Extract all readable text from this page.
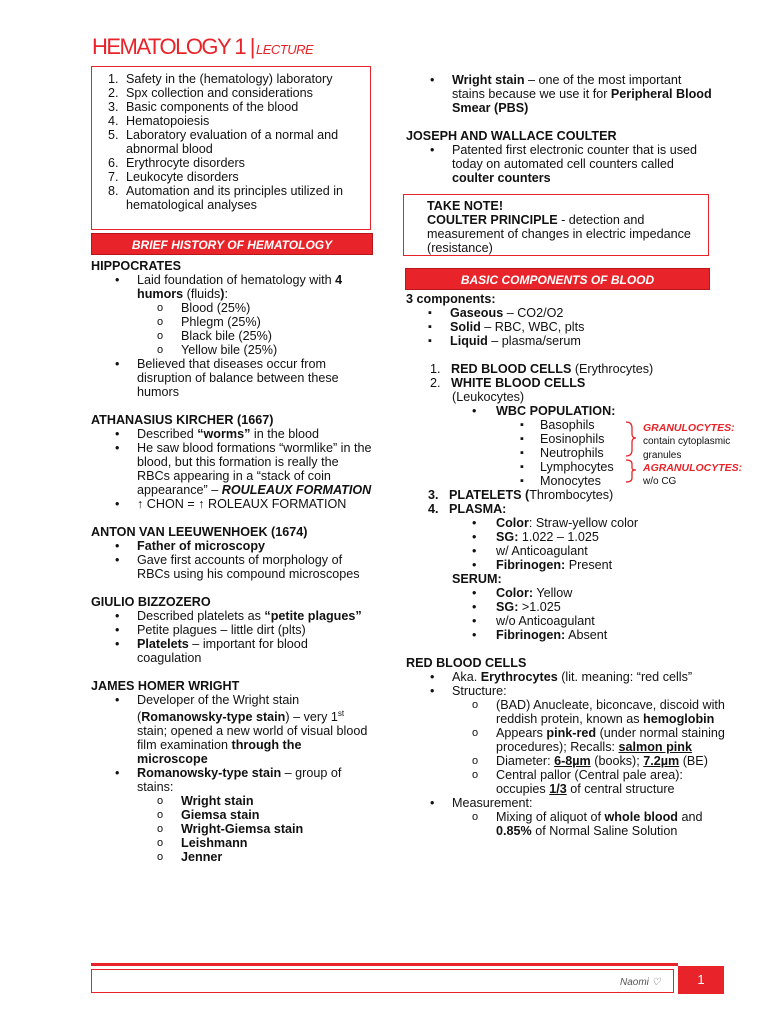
HEMATOLOGY 1 | LECTURE
1. Safety in the (hematology) laboratory
2. Spx collection and considerations
3. Basic components of the blood
4. Hematopoiesis
5. Laboratory evaluation of a normal and abnormal blood
6. Erythrocyte disorders
7. Leukocyte disorders
8. Automation and its principles utilized in hematological analyses
BRIEF HISTORY OF HEMATOLOGY
HIPPOCRATES
• Laid foundation of hematology with 4 humors (fluids):
o Blood (25%)
o Phlegm (25%)
o Black bile (25%)
o Yellow bile (25%)
• Believed that diseases occur from disruption of balance between these humors
ATHANASIUS KIRCHER (1667)
• Described “worms” in the blood
• He saw blood formations “wormlike” in the blood, but this formation is really the RBCs appearing in a “stack of coin appearance” – ROULEAUX FORMATION
• ↑ CHON = ↑ ROLEAUX FORMATION
ANTON VAN LEEUWENHOEK (1674)
• Father of microscopy
• Gave first accounts of morphology of RBCs using his compound microscopes
GIULIO BIZZOZERO
• Described platelets as “petite plagues”
• Petite plagues – little dirt (plts)
• Platelets – important for blood coagulation
JAMES HOMER WRIGHT
• Developer of the Wright stain (Romanowsky-type stain) – very 1st stain; opened a new world of visual blood film examination through the microscope
• Romanowsky-type stain – group of stains:
o Wright stain
o Giemsa stain
o Wright-Giemsa stain
o Leishmann
o Jenner
• Wright stain – one of the most important stains because we use it for Peripheral Blood Smear (PBS)
JOSEPH AND WALLACE COULTER
• Patented first electronic counter that is used today on automated cell counters called coulter counters
TAKE NOTE!
COULTER PRINCIPLE - detection and measurement of changes in electric impedance (resistance)
BASIC COMPONENTS OF BLOOD
3 components:
▪ Gaseous – CO2/O2
▪ Solid – RBC, WBC, plts
▪ Liquid – plasma/serum
1.   RED BLOOD CELLS (Erythrocytes)
2.   WHITE BLOOD CELLS
(Leukocytes)
• WBC POPULATION:
▪ Basophils
▪ Eosinophils
▪ Neutrophils
▪ Lymphocytes
▪ Monocytes
3.   PLATELETS (Thrombocytes)
4.   PLASMA:
• Color: Straw-yellow color
• SG: 1.022 – 1.025
• w/ Anticoagulant
• Fibrinogen: Present
SERUM:
• Color: Yellow
• SG: >1.025
• w/o Anticoagulant
• Fibrinogen: Absent
RED BLOOD CELLS
• Aka. Erythrocytes (lit. meaning: “red cells”
• Structure:
o (BAD) Anucleate, biconcave, discoid with reddish protein, known as hemoglobin
o Appears pink-red (under normal staining procedures); Recalls: salmon pink
o Diameter: 6-8µm (books); 7.2µm (BE)
o Central pallor (Central pale area): occupies 1/3 of central structure
• Measurement:
o Mixing of aliquot of whole blood and 0.85% of Normal Saline Solution
GRANULOCYTES:
contain cytoplasmic granules
AGRANULOCYTES:
w/o CG
Naomi ♡	1
